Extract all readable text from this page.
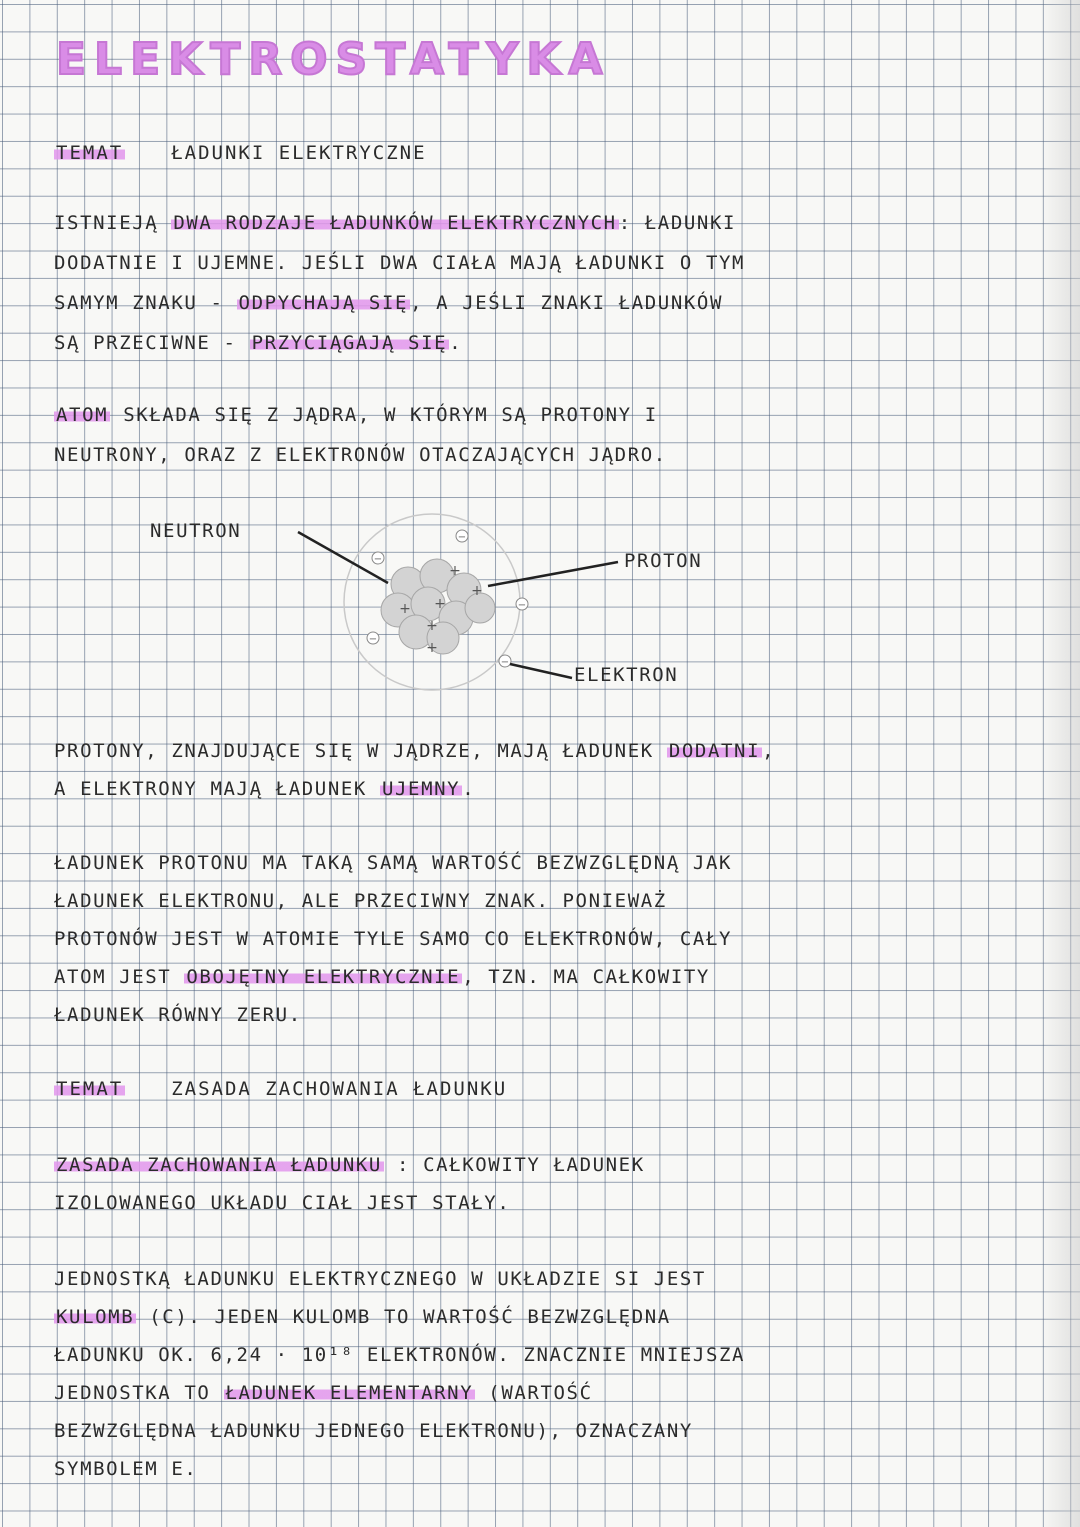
ELEKTROSTATYKA
TEMAT	ŁADUNKI ELEKTRYCZNE
ISTNIEJĄ DWA RODZAJE ŁADUNKÓW ELEKTRYCZNYCH : ŁADUNKI
DODATNIE I UJEMNE. JEŚLI DWA CIAŁA MAJĄ ŁADUNKI O TYM
SAMYM ZNAKU - ODPYCHAJĄ SIĘ , A JEŚLI ZNAKI ŁADUNKÓW
SĄ PRZECIWNE - PRZYCIĄGAJĄ SIĘ .
ATOM SKŁADA SIĘ Z JĄDRA, W KTÓRYM SĄ PROTONY I
NEUTRONY, ORAZ Z ELEKTRONÓW OTACZAJĄCYCH JĄDRO.
+
+
+ +
+
+
−
−
−
−
−
NEUTRON
PROTON
ELEKTRON
PROTONY, ZNAJDUJĄCE SIĘ W JĄDRZE, MAJĄ ŁADUNEK DODATNI ,
A ELEKTRONY MAJĄ ŁADUNEK UJEMNY .
ŁADUNEK PROTONU MA TAKĄ SAMĄ WARTOŚĆ BEZWZGLĘDNĄ JAK
ŁADUNEK ELEKTRONU, ALE PRZECIWNY ZNAK. PONIEWAŻ
PROTONÓW JEST W ATOMIE TYLE SAMO CO ELEKTRONÓW, CAŁY
ATOM JEST OBOJĘTNY ELEKTRYCZNIE , TZN. MA CAŁKOWITY
ŁADUNEK RÓWNY ZERU.
TEMAT	ZASADA ZACHOWANIA ŁADUNKU
ZASADA ZACHOWANIA ŁADUNKU : CAŁKOWITY ŁADUNEK
IZOLOWANEGO UKŁADU CIAŁ JEST STAŁY.
JEDNOSTKĄ ŁADUNKU ELEKTRYCZNEGO W UKŁADZIE SI JEST
KULOMB (C). JEDEN KULOMB TO WARTOŚĆ BEZWZGLĘDNA
ŁADUNKU OK. 6,24 · 10¹⁸ ELEKTRONÓW. ZNACZNIE MNIEJSZA
JEDNOSTKA TO ŁADUNEK ELEMENTARNY (WARTOŚĆ
BEZWZGLĘDNA ŁADUNKU JEDNEGO ELEKTRONU), OZNACZANY
SYMBOLEM E.
